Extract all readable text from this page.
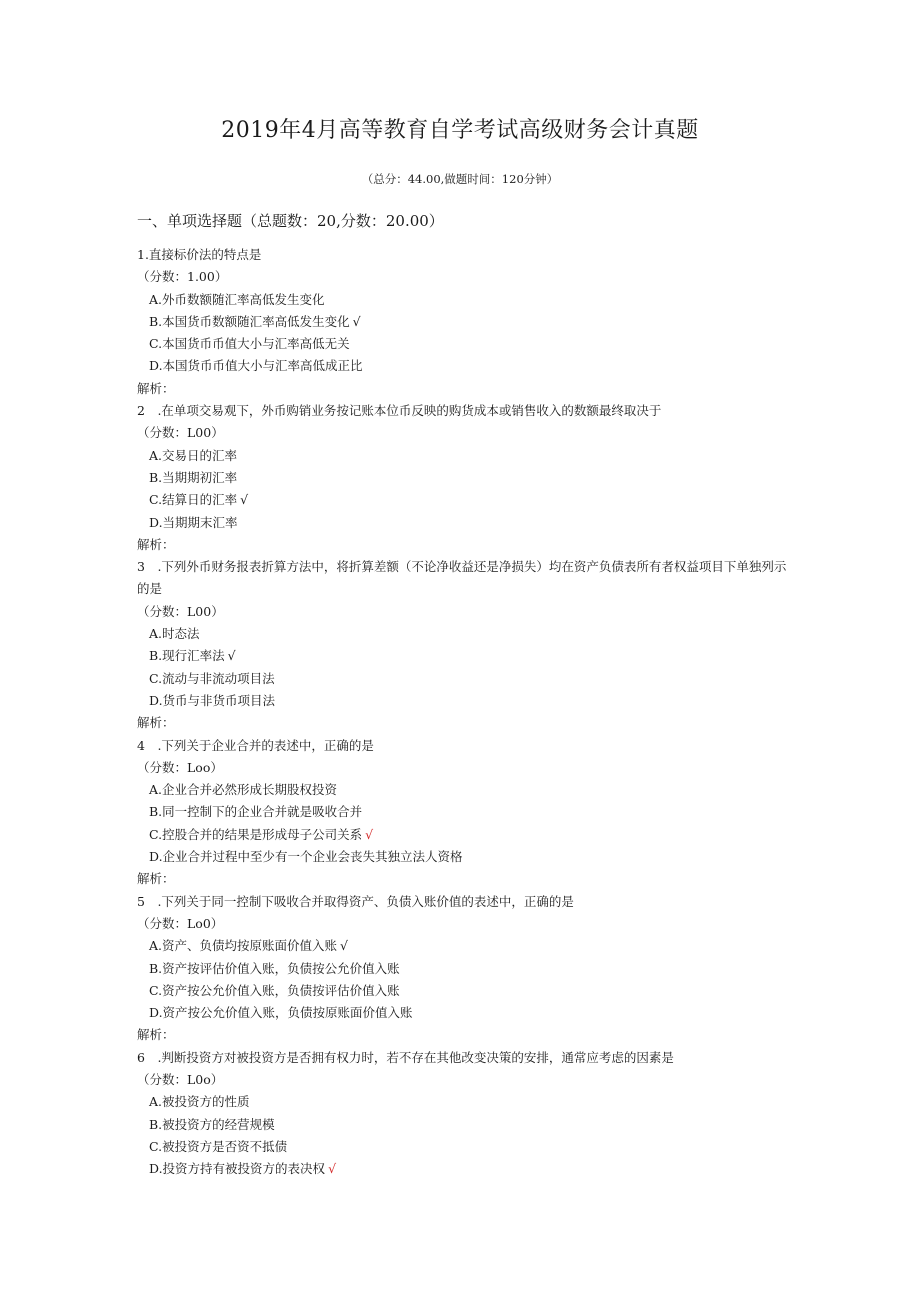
2019年4月高等教育自学考试高级财务会计真题
（总分：44.00,做题时间：120分钟）
一、单项选择题（总题数：20,分数：20.00）
1.直接标价法的特点是
（分数：1.00）
A.外币数额随汇率高低发生变化
B.本国货币数额随汇率高低发生变化 √
C.本国货币币值大小与汇率高低无关
D.本国货币币值大小与汇率高低成正比
解析：
2　.在单项交易观下，外币购销业务按记账本位币反映的购货成本或销售收入的数额最终取决于
（分数：L00）
A.交易日的汇率
B.当期期初汇率
C.结算日的汇率 √
D.当期期末汇率
解析：
3　.下列外币财务报表折算方法中，将折算差额（不论净收益还是净损失）均在资产负债表所有者权益项目下单独列示的是
（分数：L00）
A.时态法
B.现行汇率法 √
C.流动与非流动项目法
D.货币与非货币项目法
解析：
4　.下列关于企业合并的表述中，正确的是
（分数：Loo）
A.企业合并必然形成长期股权投资
B.同一控制下的企业合并就是吸收合并
C.控股合并的结果是形成母子公司关系 √
D.企业合并过程中至少有一个企业会丧失其独立法人资格
解析：
5　.下列关于同一控制下吸收合并取得资产、负债入账价值的表述中，正确的是
（分数：Lo0）
A.资产、负债均按原账面价值入账 √
B.资产按评估价值入账，负债按公允价值入账
C.资产按公允价值入账，负债按评估价值入账
D.资产按公允价值入账，负债按原账面价值入账
解析：
6　.判断投资方对被投资方是否拥有权力时，若不存在其他改变决策的安排，通常应考虑的因素是
（分数：L0o）
A.被投资方的性质
B.被投资方的经营规模
C.被投资方是否资不抵债
D.投资方持有被投资方的表决权 √
